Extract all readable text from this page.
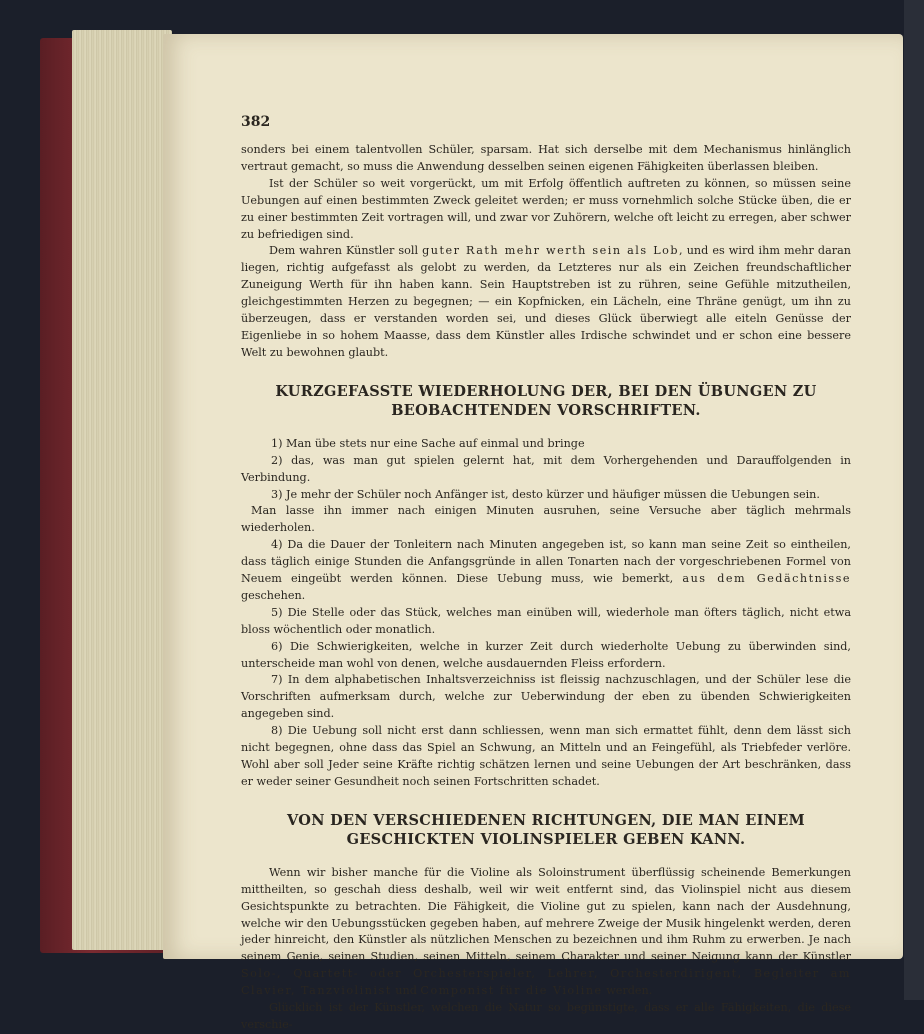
382

sonders bei einem talentvollen Schüler, sparsam. Hat sich derselbe mit dem Mechanismus hinlänglich vertraut gemacht, so muss die Anwendung desselben seinen eigenen Fähigkeiten überlassen bleiben.

Ist der Schüler so weit vorgerückt, um mit Erfolg öffentlich auftreten zu können, so müssen seine Uebungen auf einen bestimmten Zweck geleitet werden; er muss vornehmlich solche Stücke üben, die er zu einer bestimmten Zeit vortragen will, und zwar vor Zuhörern, welche oft leicht zu erregen, aber schwer zu befriedigen sind.

Dem wahren Künstler soll guter Rath mehr werth sein als Lob, und es wird ihm mehr daran liegen, richtig aufgefasst als gelobt zu werden, da Letzteres nur als ein Zeichen freundschaftlicher Zuneigung Werth für ihn haben kann. Sein Hauptstreben ist zu rühren, seine Gefühle mitzutheilen, gleichgestimmten Herzen zu begegnen; — ein Kopfnicken, ein Lächeln, eine Thräne genügt, um ihn zu überzeugen, dass er verstanden worden sei, und dieses Glück überwiegt alle eiteln Genüsse der Eigenliebe in so hohem Maasse, dass dem Künstler alles Irdische schwindet und er schon eine bessere Welt zu bewohnen glaubt.

KURZGEFASSTE WIEDERHOLUNG DER, BEI DEN ÜBUNGEN ZU BEOBACHTENDEN VORSCHRIFTEN.

1) Man übe stets nur eine Sache auf einmal und bringe

2) das, was man gut spielen gelernt hat, mit dem Vorhergehenden und Darauffolgenden in Verbindung.

3) Je mehr der Schüler noch Anfänger ist, desto kürzer und häufiger müssen die Uebungen sein.

Man lasse ihn immer nach einigen Minuten ausruhen, seine Versuche aber täglich mehrmals wiederholen.

4) Da die Dauer der Tonleitern nach Minuten angegeben ist, so kann man seine Zeit so eintheilen, dass täglich einige Stunden die Anfangsgründe in allen Tonarten nach der vorgeschriebenen Formel von Neuem eingeübt werden können. Diese Uebung muss, wie bemerkt, aus dem Gedächtnisse geschehen.

5) Die Stelle oder das Stück, welches man einüben will, wiederhole man öfters täglich, nicht etwa bloss wöchentlich oder monatlich.

6) Die Schwierigkeiten, welche in kurzer Zeit durch wiederholte Uebung zu überwinden sind, unterscheide man wohl von denen, welche ausdauernden Fleiss erfordern.

7) In dem alphabetischen Inhaltsverzeichniss ist fleissig nachzuschlagen, und der Schüler lese die Vorschriften aufmerksam durch, welche zur Ueberwindung der eben zu übenden Schwierigkeiten angegeben sind.

8) Die Uebung soll nicht erst dann schliessen, wenn man sich ermattet fühlt, denn dem lässt sich nicht begegnen, ohne dass das Spiel an Schwung, an Mitteln und an Feingefühl, als Triebfeder verlöre. Wohl aber soll Jeder seine Kräfte richtig schätzen lernen und seine Uebungen der Art beschränken, dass er weder seiner Gesundheit noch seinen Fortschritten schadet.

VON DEN VERSCHIEDENEN RICHTUNGEN, DIE MAN EINEM GESCHICKTEN VIOLINSPIELER GEBEN KANN.

Wenn wir bisher manche für die Violine als Soloinstrument überflüssig scheinende Bemerkungen mittheilten, so geschah diess deshalb, weil wir weit entfernt sind, das Violinspiel nicht aus diesem Gesichtspunkte zu betrachten. Die Fähigkeit, die Violine gut zu spielen, kann nach der Ausdehnung, welche wir den Uebungsstücken gegeben haben, auf mehrere Zweige der Musik hingelenkt werden, deren jeder hinreicht, den Künstler als nützlichen Menschen zu bezeichnen und ihm Ruhm zu erwerben. Je nach seinem Genie, seinen Studien, seinen Mitteln, seinem Charakter und seiner Neigung kann der Künstler Solo-, Quartett- oder Orchesterspieler, Lehrer, Orchesterdirigent, Begleiter am Clavier, Tanzviolinist und Componist für die Violine werden.

Glücklich ist der Künstler, welchen die Natur so begünstigte, dass er alle Fähigkeiten, die diese verschie-
